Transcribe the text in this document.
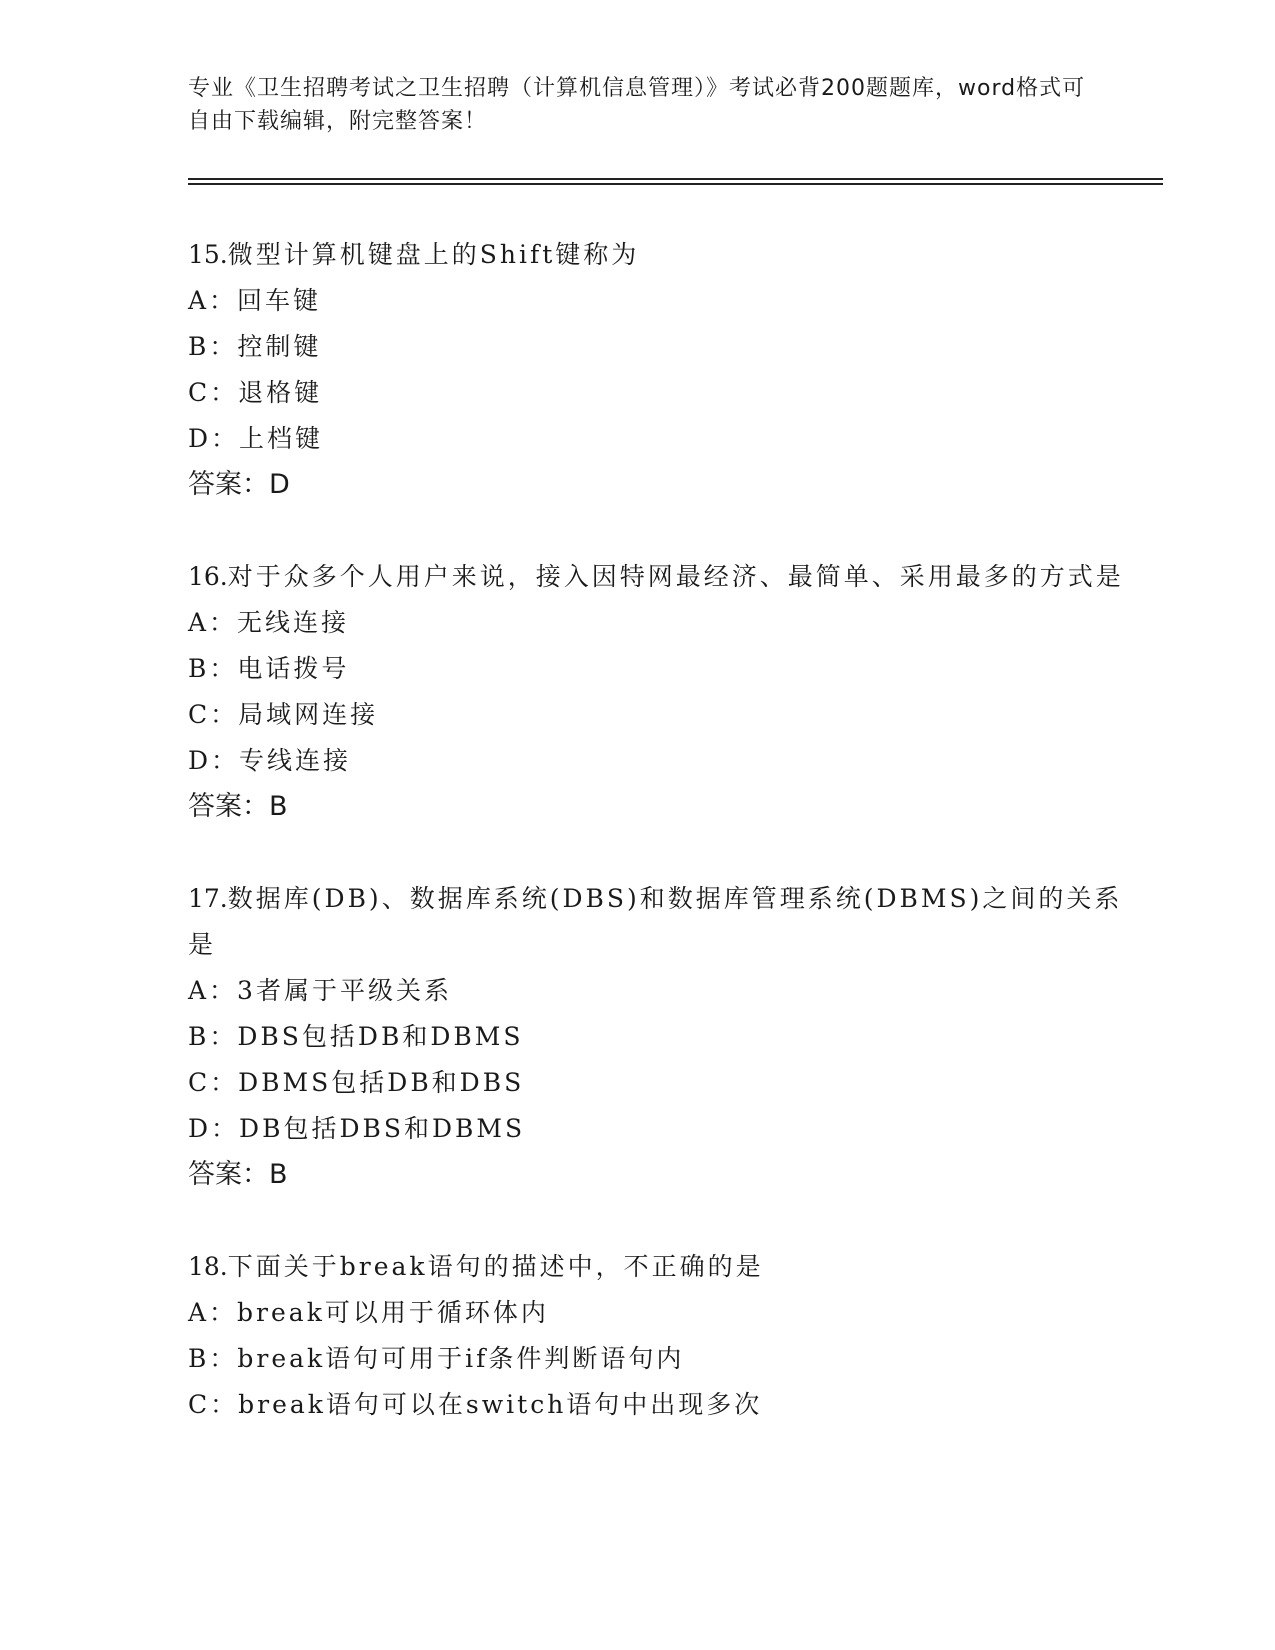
专业《卫生招聘考试之卫生招聘（计算机信息管理）》考试必背200题题库，word格式可自由下载编辑，附完整答案！

15.微型计算机键盘上的Shift键称为

A：回车键

B：控制键

C：退格键

D：上档键

答案：D

16.对于众多个人用户来说，接入因特网最经济、最简单、采用最多的方式是

A：无线连接

B：电话拨号

C：局域网连接

D：专线连接

答案：B

17.数据库(DB)、数据库系统(DBS)和数据库管理系统(DBMS)之间的关系是

A：3者属于平级关系

B：DBS包括DB和DBMS

C：DBMS包括DB和DBS

D：DB包括DBS和DBMS

答案：B

18.下面关于break语句的描述中，不正确的是

A：break可以用于循环体内

B：break语句可用于if条件判断语句内

C：break语句可以在switch语句中出现多次
